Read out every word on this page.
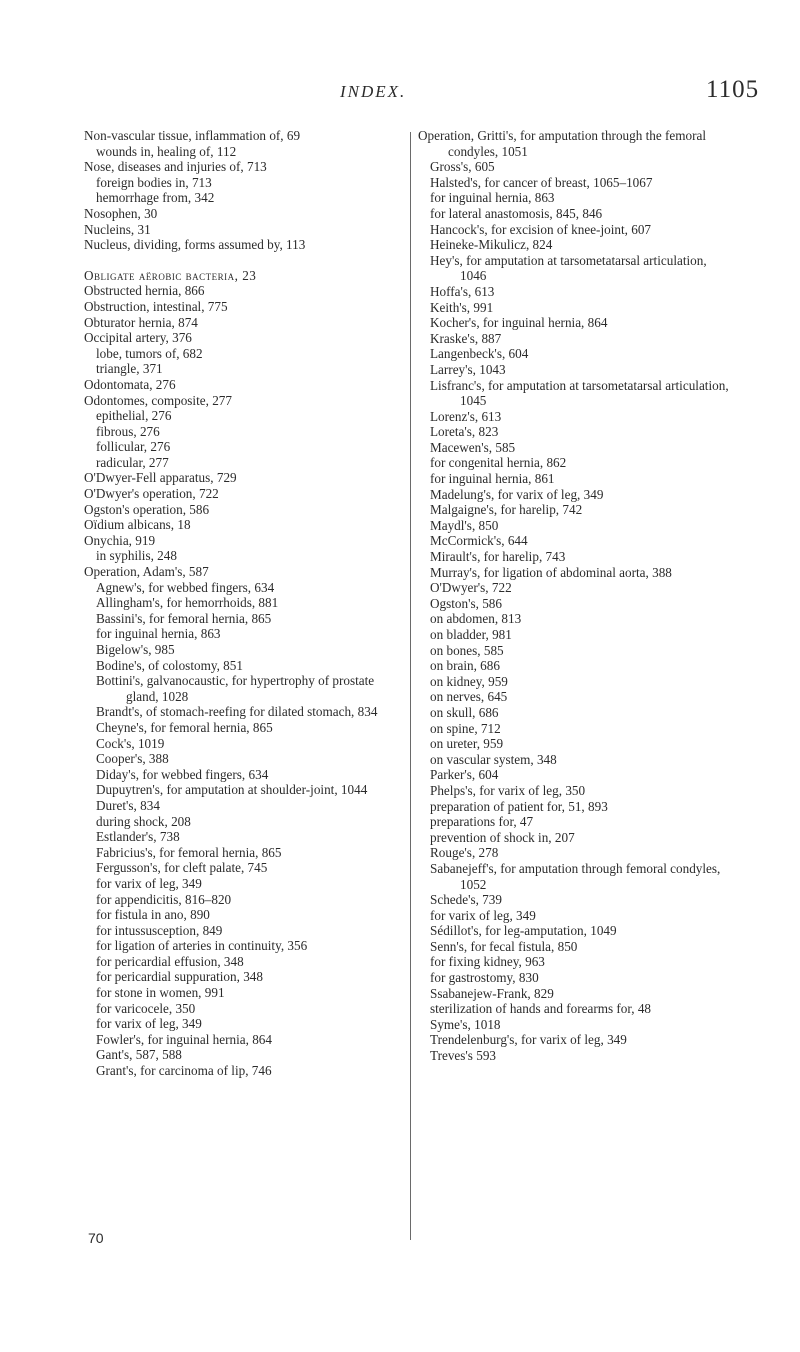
INDEX.	1105
Non-vascular tissue, inflammation of, 69
wounds in, healing of, 112
Nose, diseases and injuries of, 713
foreign bodies in, 713
hemorrhage from, 342
Nosophen, 30
Nucleins, 31
Nucleus, dividing, forms assumed by, 113
Obligate aërobic bacteria, 23
Obstructed hernia, 866
Obstruction, intestinal, 775
Obturator hernia, 874
Occipital artery, 376
lobe, tumors of, 682
triangle, 371
Odontomata, 276
Odontomes, composite, 277
epithelial, 276
fibrous, 276
follicular, 276
radicular, 277
O'Dwyer-Fell apparatus, 729
O'Dwyer's operation, 722
Ogston's operation, 586
Oïdium albicans, 18
Onychia, 919
in syphilis, 248
Operation, Adam's, 587
Agnew's, for webbed fingers, 634
Allingham's, for hemorrhoids, 881
Bassini's, for femoral hernia, 865
for inguinal hernia, 863
Bigelow's, 985
Bodine's, of colostomy, 851
Bottini's, galvanocaustic, for hypertrophy of prostate gland, 1028
Brandt's, of stomach-reefing for dilated stomach, 834
Cheyne's, for femoral hernia, 865
Cock's, 1019
Cooper's, 388
Diday's, for webbed fingers, 634
Dupuytren's, for amputation at shoulder-joint, 1044
Duret's, 834
during shock, 208
Estlander's, 738
Fabricius's, for femoral hernia, 865
Fergusson's, for cleft palate, 745
for varix of leg, 349
for appendicitis, 816–820
for fistula in ano, 890
for intussusception, 849
for ligation of arteries in continuity, 356
for pericardial effusion, 348
for pericardial suppuration, 348
for stone in women, 991
for varicocele, 350
for varix of leg, 349
Fowler's, for inguinal hernia, 864
Gant's, 587, 588
Grant's, for carcinoma of lip, 746
Operation, Gritti's, for amputation through the femoral condyles, 1051
Gross's, 605
Halsted's, for cancer of breast, 1065–1067
for inguinal hernia, 863
for lateral anastomosis, 845, 846
Hancock's, for excision of knee-joint, 607
Heineke-Mikulicz, 824
Hey's, for amputation at tarsometatarsal articulation, 1046
Hoffa's, 613
Keith's, 991
Kocher's, for inguinal hernia, 864
Kraske's, 887
Langenbeck's, 604
Larrey's, 1043
Lisfranc's, for amputation at tarsometatarsal articulation, 1045
Lorenz's, 613
Loreta's, 823
Macewen's, 585
for congenital hernia, 862
for inguinal hernia, 861
Madelung's, for varix of leg, 349
Malgaigne's, for harelip, 742
Maydl's, 850
McCormick's, 644
Mirault's, for harelip, 743
Murray's, for ligation of abdominal aorta, 388
O'Dwyer's, 722
Ogston's, 586
on abdomen, 813
on bladder, 981
on bones, 585
on brain, 686
on kidney, 959
on nerves, 645
on skull, 686
on spine, 712
on ureter, 959
on vascular system, 348
Parker's, 604
Phelps's, for varix of leg, 350
preparation of patient for, 51, 893
preparations for, 47
prevention of shock in, 207
Rouge's, 278
Sabanejeff's, for amputation through femoral condyles, 1052
Schede's, 739
for varix of leg, 349
Sédillot's, for leg-amputation, 1049
Senn's, for fecal fistula, 850
for fixing kidney, 963
for gastrostomy, 830
Ssabanejew-Frank, 829
sterilization of hands and forearms for, 48
Syme's, 1018
Trendelenburg's, for varix of leg, 349
Treves's 593
70
